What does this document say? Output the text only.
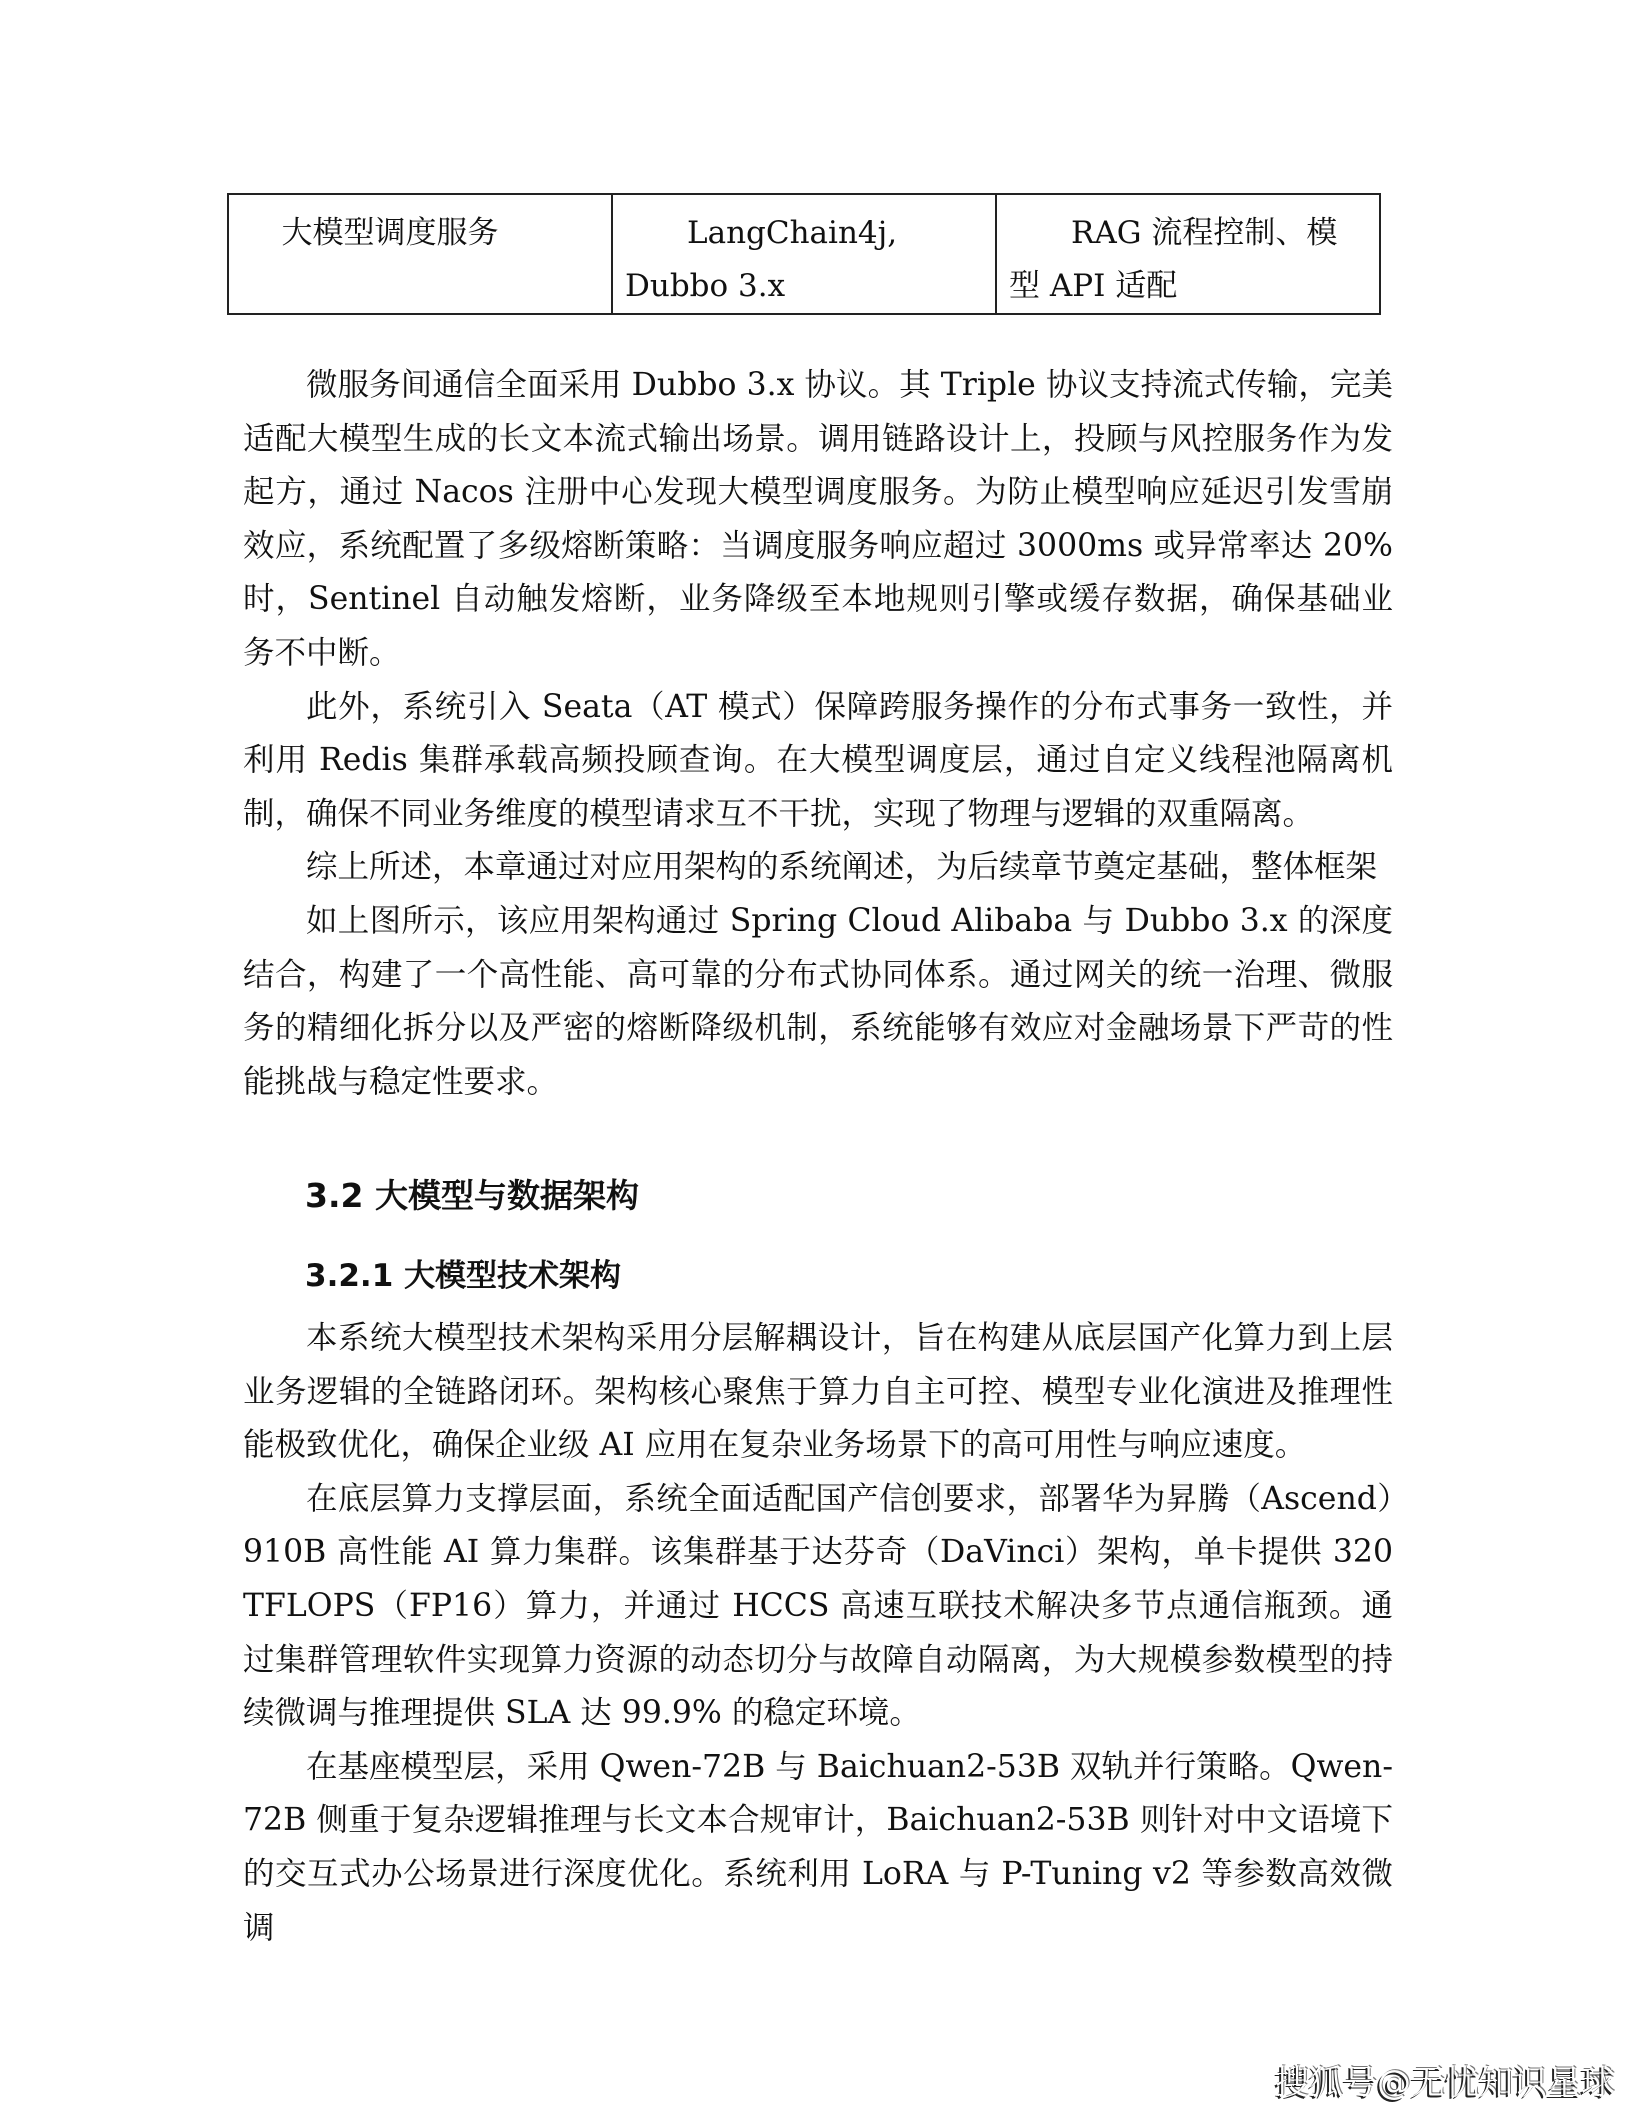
大模型调度服务	LangChain4j, Dubbo 3.x	RAG 流程控制、模型 API 适配

微服务间通信全面采用 Dubbo 3.x 协议。其 Triple 协议支持流式传输，完美适配大模型生成的长文本流式输出场景。调用链路设计上，投顾与风控服务作为发起方，通过 Nacos 注册中心发现大模型调度服务。为防止模型响应延迟引发雪崩效应，系统配置了多级熔断策略：当调度服务响应超过 3000ms 或异常率达 20% 时，Sentinel 自动触发熔断，业务降级至本地规则引擎或缓存数据，确保基础业务不中断。

此外，系统引入 Seata（AT 模式）保障跨服务操作的分布式事务一致性，并利用 Redis 集群承载高频投顾查询。在大模型调度层，通过自定义线程池隔离机制，确保不同业务维度的模型请求互不干扰，实现了物理与逻辑的双重隔离。

综上所述，本章通过对应用架构的系统阐述，为后续章节奠定基础，整体框架

如上图所示，该应用架构通过 Spring Cloud Alibaba 与 Dubbo 3.x 的深度结合，构建了一个高性能、高可靠的分布式协同体系。通过网关的统一治理、微服务的精细化拆分以及严密的熔断降级机制，系统能够有效应对金融场景下严苛的性能挑战与稳定性要求。

3.2 大模型与数据架构
3.2.1 大模型技术架构

本系统大模型技术架构采用分层解耦设计，旨在构建从底层国产化算力到上层业务逻辑的全链路闭环。架构核心聚焦于算力自主可控、模型专业化演进及推理性能极致优化，确保企业级 AI 应用在复杂业务场景下的高可用性与响应速度。

在底层算力支撑层面，系统全面适配国产信创要求，部署华为昇腾（Ascend）910B 高性能 AI 算力集群。该集群基于达芬奇（DaVinci）架构，单卡提供 320 TFLOPS（FP16）算力，并通过 HCCS 高速互联技术解决多节点通信瓶颈。通过集群管理软件实现算力资源的动态切分与故障自动隔离，为大规模参数模型的持续微调与推理提供 SLA 达 99.9% 的稳定环境。

在基座模型层，采用 Qwen-72B 与 Baichuan2-53B 双轨并行策略。Qwen-72B 侧重于复杂逻辑推理与长文本合规审计，Baichuan2-53B 则针对中文语境下的交互式办公场景进行深度优化。系统利用 LoRA 与 P-Tuning v2 等参数高效微调

搜狐号@无忧知识星球
